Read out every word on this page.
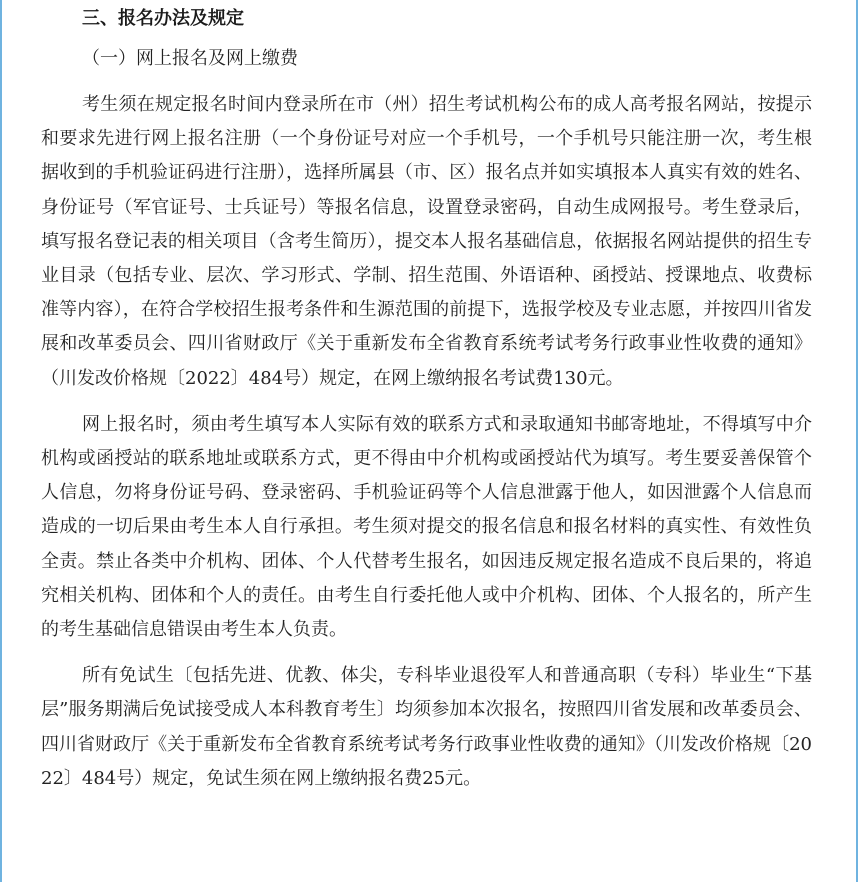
三、报名办法及规定
（一）网上报名及网上缴费

考生须在规定报名时间内登录所在市（州）招生考试机构公布的成人高考报名网站，按提示和要求先进行网上报名注册（一个身份证号对应一个手机号，一个手机号只能注册一次，考生根据收到的手机验证码进行注册），选择所属县（市、区）报名点并如实填报本人真实有效的姓名、身份证号（军官证号、士兵证号）等报名信息，设置登录密码，自动生成网报号。考生登录后，填写报名登记表的相关项目（含考生简历），提交本人报名基础信息，依据报名网站提供的招生专业目录（包括专业、层次、学习形式、学制、招生范围、外语语种、函授站、授课地点、收费标准等内容），在符合学校招生报考条件和生源范围的前提下，选报学校及专业志愿，并按四川省发展和改革委员会、四川省财政厅《关于重新发布全省教育系统考试考务行政事业性收费的通知》（川发改价格规〔2022〕484号）规定，在网上缴纳报名考试费130元。

网上报名时，须由考生填写本人实际有效的联系方式和录取通知书邮寄地址，不得填写中介机构或函授站的联系地址或联系方式，更不得由中介机构或函授站代为填写。考生要妥善保管个人信息，勿将身份证号码、登录密码、手机验证码等个人信息泄露于他人，如因泄露个人信息而造成的一切后果由考生本人自行承担。考生须对提交的报名信息和报名材料的真实性、有效性负全责。禁止各类中介机构、团体、个人代替考生报名，如因违反规定报名造成不良后果的，将追究相关机构、团体和个人的责任。由考生自行委托他人或中介机构、团体、个人报名的，所产生的考生基础信息错误由考生本人负责。

所有免试生〔包括先进、优教、体尖，专科毕业退役军人和普通高职（专科）毕业生“下基层”服务期满后免试接受成人本科教育考生〕均须参加本次报名，按照四川省发展和改革委员会、四川省财政厅《关于重新发布全省教育系统考试考务行政事业性收费的通知》（川发改价格规〔2022〕484号）规定，免试生须在网上缴纳报名费25元。
